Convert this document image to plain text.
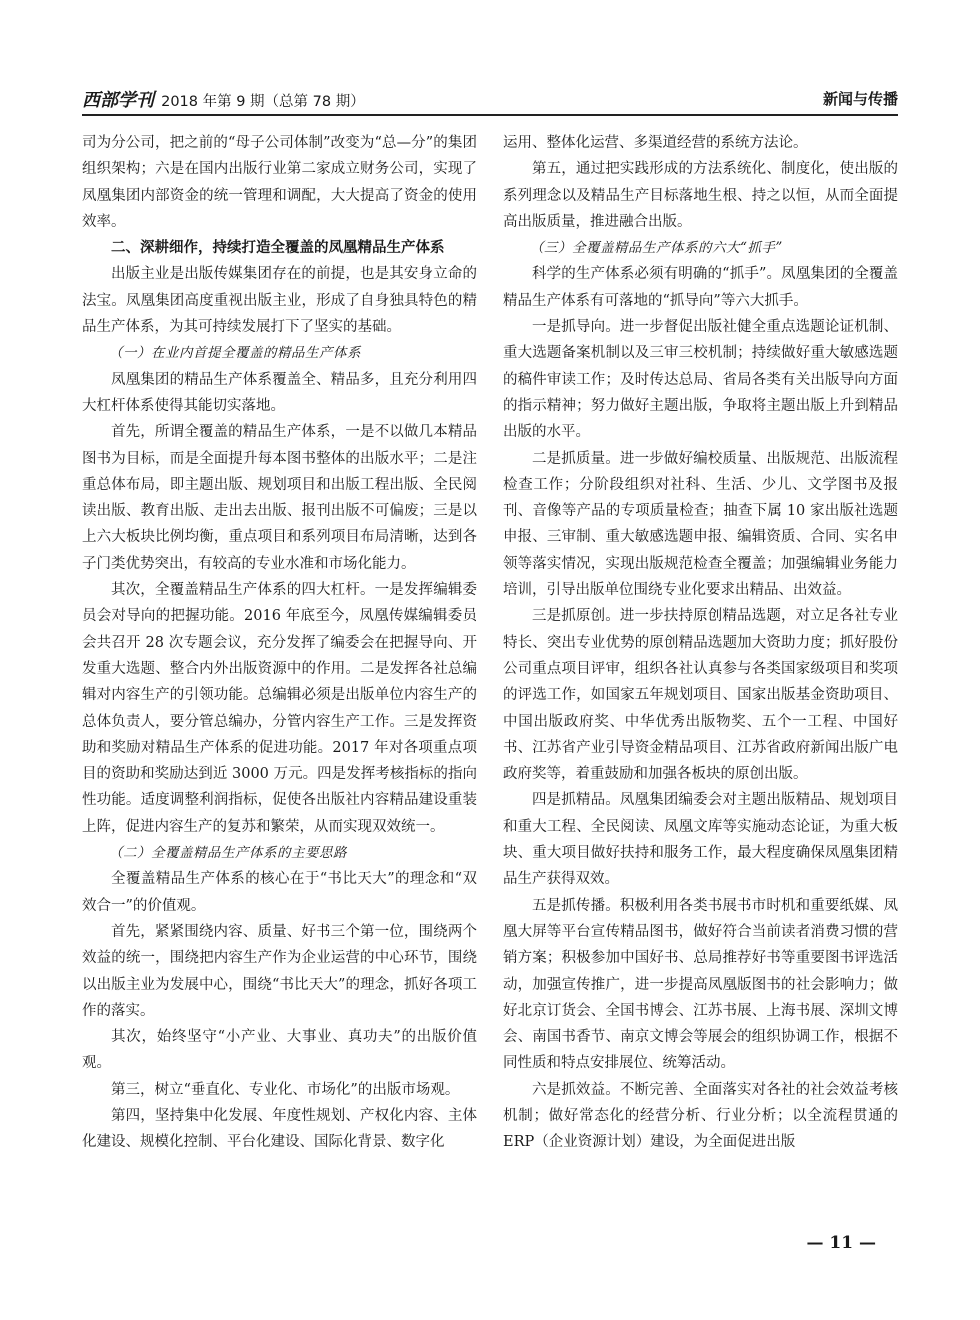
西部学刊 2018 年第 9 期（总第 78 期）	新闻与传播

司为分公司，把之前的“母子公司体制”改变为“总—分”的集团组织架构；六是在国内出版行业第二家成立财务公司，实现了凤凰集团内部资金的统一管理和调配，大大提高了资金的使用效率。

二、深耕细作，持续打造全覆盖的凤凰精品生产体系

出版主业是出版传媒集团存在的前提，也是其安身立命的法宝。凤凰集团高度重视出版主业，形成了自身独具特色的精品生产体系，为其可持续发展打下了坚实的基础。

（一）在业内首提全覆盖的精品生产体系

凤凰集团的精品生产体系覆盖全、精品多，且充分利用四大杠杆体系使得其能切实落地。

首先，所谓全覆盖的精品生产体系，一是不以做几本精品图书为目标，而是全面提升每本图书整体的出版水平；二是注重总体布局，即主题出版、规划项目和出版工程出版、全民阅读出版、教育出版、走出去出版、报刊出版不可偏废；三是以上六大板块比例均衡，重点项目和系列项目布局清晰，达到各子门类优势突出，有较高的专业水准和市场化能力。

其次，全覆盖精品生产体系的四大杠杆。一是发挥编辑委员会对导向的把握功能。2016 年底至今，凤凰传媒编辑委员会共召开 28 次专题会议，充分发挥了编委会在把握导向、开发重大选题、整合内外出版资源中的作用。二是发挥各社总编辑对内容生产的引领功能。总编辑必须是出版单位内容生产的总体负责人，要分管总编办，分管内容生产工作。三是发挥资助和奖励对精品生产体系的促进功能。2017 年对各项重点项目的资助和奖励达到近 3000 万元。四是发挥考核指标的指向性功能。适度调整利润指标，促使各出版社内容精品建设重装上阵，促进内容生产的复苏和繁荣，从而实现双效统一。

（二）全覆盖精品生产体系的主要思路

全覆盖精品生产体系的核心在于“书比天大”的理念和“双效合一”的价值观。

首先，紧紧围绕内容、质量、好书三个第一位，围绕两个效益的统一，围绕把内容生产作为企业运营的中心环节，围绕以出版主业为发展中心，围绕“书比天大”的理念，抓好各项工作的落实。

其次，始终坚守“小产业、大事业、真功夫”的出版价值观。

第三，树立“垂直化、专业化、市场化”的出版市场观。

第四，坚持集中化发展、年度性规划、产权化内容、主体化建设、规模化控制、平台化建设、国际化背景、数字化

运用、整体化运营、多渠道经营的系统方法论。

第五，通过把实践形成的方法系统化、制度化，使出版的系列理念以及精品生产目标落地生根、持之以恒，从而全面提高出版质量，推进融合出版。

（三）全覆盖精品生产体系的六大“抓手”

科学的生产体系必须有明确的“抓手”。凤凰集团的全覆盖精品生产体系有可落地的“抓导向”等六大抓手。

一是抓导向。进一步督促出版社健全重点选题论证机制、重大选题备案机制以及三审三校机制；持续做好重大敏感选题的稿件审读工作；及时传达总局、省局各类有关出版导向方面的指示精神；努力做好主题出版，争取将主题出版上升到精品出版的水平。

二是抓质量。进一步做好编校质量、出版规范、出版流程检查工作；分阶段组织对社科、生活、少儿、文学图书及报刊、音像等产品的专项质量检查；抽查下属 10 家出版社选题申报、三审制、重大敏感选题申报、编辑资质、合同、实名申领等落实情况，实现出版规范检查全覆盖；加强编辑业务能力培训，引导出版单位围绕专业化要求出精品、出效益。

三是抓原创。进一步扶持原创精品选题，对立足各社专业特长、突出专业优势的原创精品选题加大资助力度；抓好股份公司重点项目评审，组织各社认真参与各类国家级项目和奖项的评选工作，如国家五年规划项目、国家出版基金资助项目、中国出版政府奖、中华优秀出版物奖、五个一工程、中国好书、江苏省产业引导资金精品项目、江苏省政府新闻出版广电政府奖等，着重鼓励和加强各板块的原创出版。

四是抓精品。凤凰集团编委会对主题出版精品、规划项目和重大工程、全民阅读、凤凰文库等实施动态论证，为重大板块、重大项目做好扶持和服务工作，最大程度确保凤凰集团精品生产获得双效。

五是抓传播。积极利用各类书展书市时机和重要纸媒、凤凰大屏等平台宣传精品图书，做好符合当前读者消费习惯的营销方案；积极参加中国好书、总局推荐好书等重要图书评选活动，加强宣传推广，进一步提高凤凰版图书的社会影响力；做好北京订货会、全国书博会、江苏书展、上海书展、深圳文博会、南国书香节、南京文博会等展会的组织协调工作，根据不同性质和特点安排展位、统筹活动。

六是抓效益。不断完善、全面落实对各社的社会效益考核机制；做好常态化的经营分析、行业分析；以全流程贯通的 ERP（企业资源计划）建设，为全面促进出版

— 11 —
